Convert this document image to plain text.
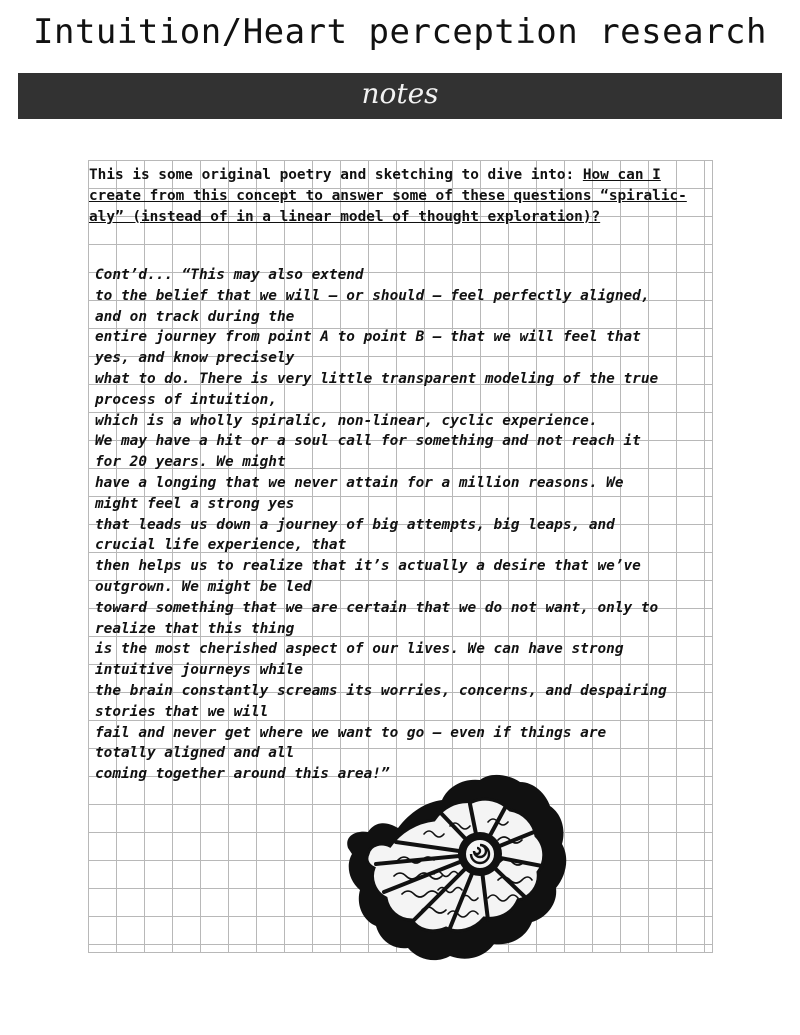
Intuition/Heart perception research
notes
This is some original poetry and sketching to dive into: How can I create from this concept to answer some of these questions “spiralic-aly” (instead of in a linear model of thought exploration)?
Cont’d... “This may also extend
to the belief that we will – or should – feel perfectly aligned,
and on track during the
entire journey from point A to point B – that we will feel that
yes, and know precisely
what to do. There is very little transparent modeling of the true
process of intuition,
which is a wholly spiralic, non-linear, cyclic experience.
We may have a hit or a soul call for something and not reach it
for 20 years. We might
have a longing that we never attain for a million reasons. We
might feel a strong yes
that leads us down a journey of big attempts, big leaps, and
crucial life experience, that
then helps us to realize that it’s actually a desire that we’ve
outgrown. We might be led
toward something that we are certain that we do not want, only to
realize that this thing
is the most cherished aspect of our lives. We can have strong
intuitive journeys while
the brain constantly screams its worries, concerns, and despairing
stories that we will
fail and never get where we want to go – even if things are
totally aligned and all
coming together around this area!”
